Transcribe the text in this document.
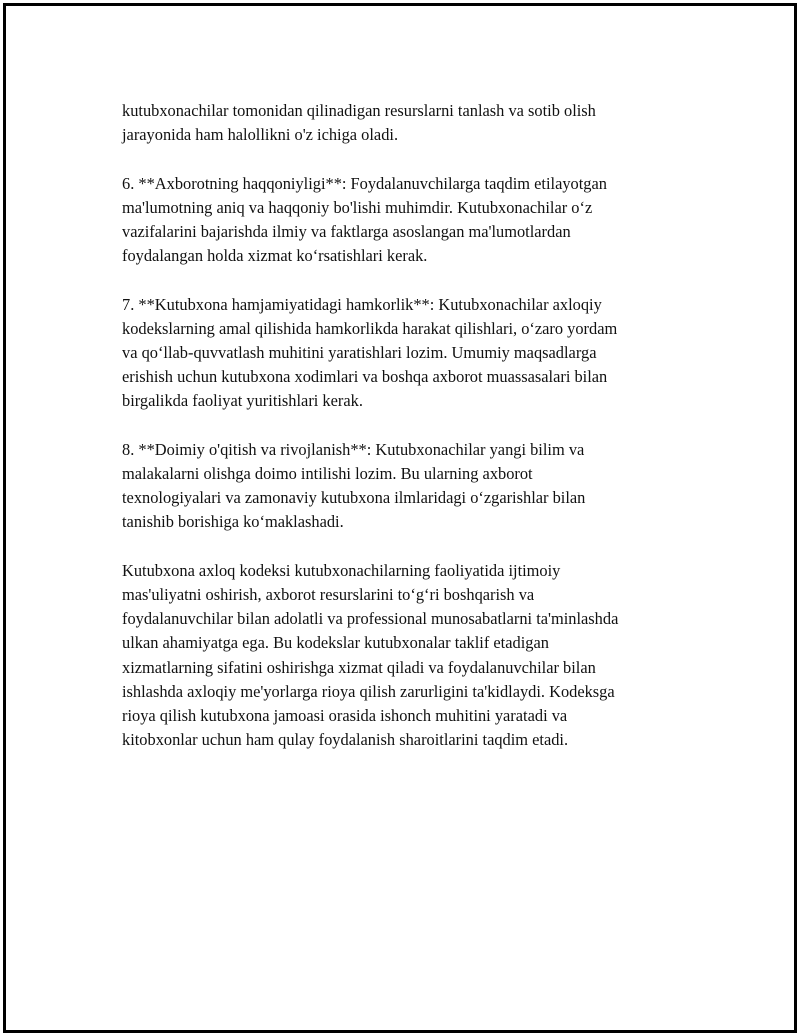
kutubxonachilar tomonidan qilinadigan resurslarni tanlash va sotib olish
jarayonida ham halollikni o'z ichiga oladi.

6. **Axborotning haqqoniyligi**: Foydalanuvchilarga taqdim etilayotgan
ma'lumotning aniq va haqqoniy bo'lishi muhimdir. Kutubxonachilar o‘z
vazifalarini bajarishda ilmiy va faktlarga asoslangan ma'lumotlardan
foydalangan holda xizmat ko‘rsatishlari kerak.

7. **Kutubxona hamjamiyatidagi hamkorlik**: Kutubxonachilar axloqiy
kodekslarning amal qilishida hamkorlikda harakat qilishlari, o‘zaro yordam
va qo‘llab-quvvatlash muhitini yaratishlari lozim. Umumiy maqsadlarga
erishish uchun kutubxona xodimlari va boshqa axborot muassasalari bilan
birgalikda faoliyat yuritishlari kerak.

8. **Doimiy o'qitish va rivojlanish**: Kutubxonachilar yangi bilim va
malakalarni olishga doimo intilishi lozim. Bu ularning axborot
texnologiyalari va zamonaviy kutubxona ilmlaridagi o‘zgarishlar bilan
tanishib borishiga ko‘maklashadi.

Kutubxona axloq kodeksi kutubxonachilarning faoliyatida ijtimoiy
mas'uliyatni oshirish, axborot resurslarini to‘g‘ri boshqarish va
foydalanuvchilar bilan adolatli va professional munosabatlarni ta'minlashda
ulkan ahamiyatga ega. Bu kodekslar kutubxonalar taklif etadigan
xizmatlarning sifatini oshirishga xizmat qiladi va foydalanuvchilar bilan
ishlashda axloqiy me'yorlarga rioya qilish zarurligini ta'kidlaydi. Kodeksga
rioya qilish kutubxona jamoasi orasida ishonch muhitini yaratadi va
kitobxonlar uchun ham qulay foydalanish sharoitlarini taqdim etadi.
